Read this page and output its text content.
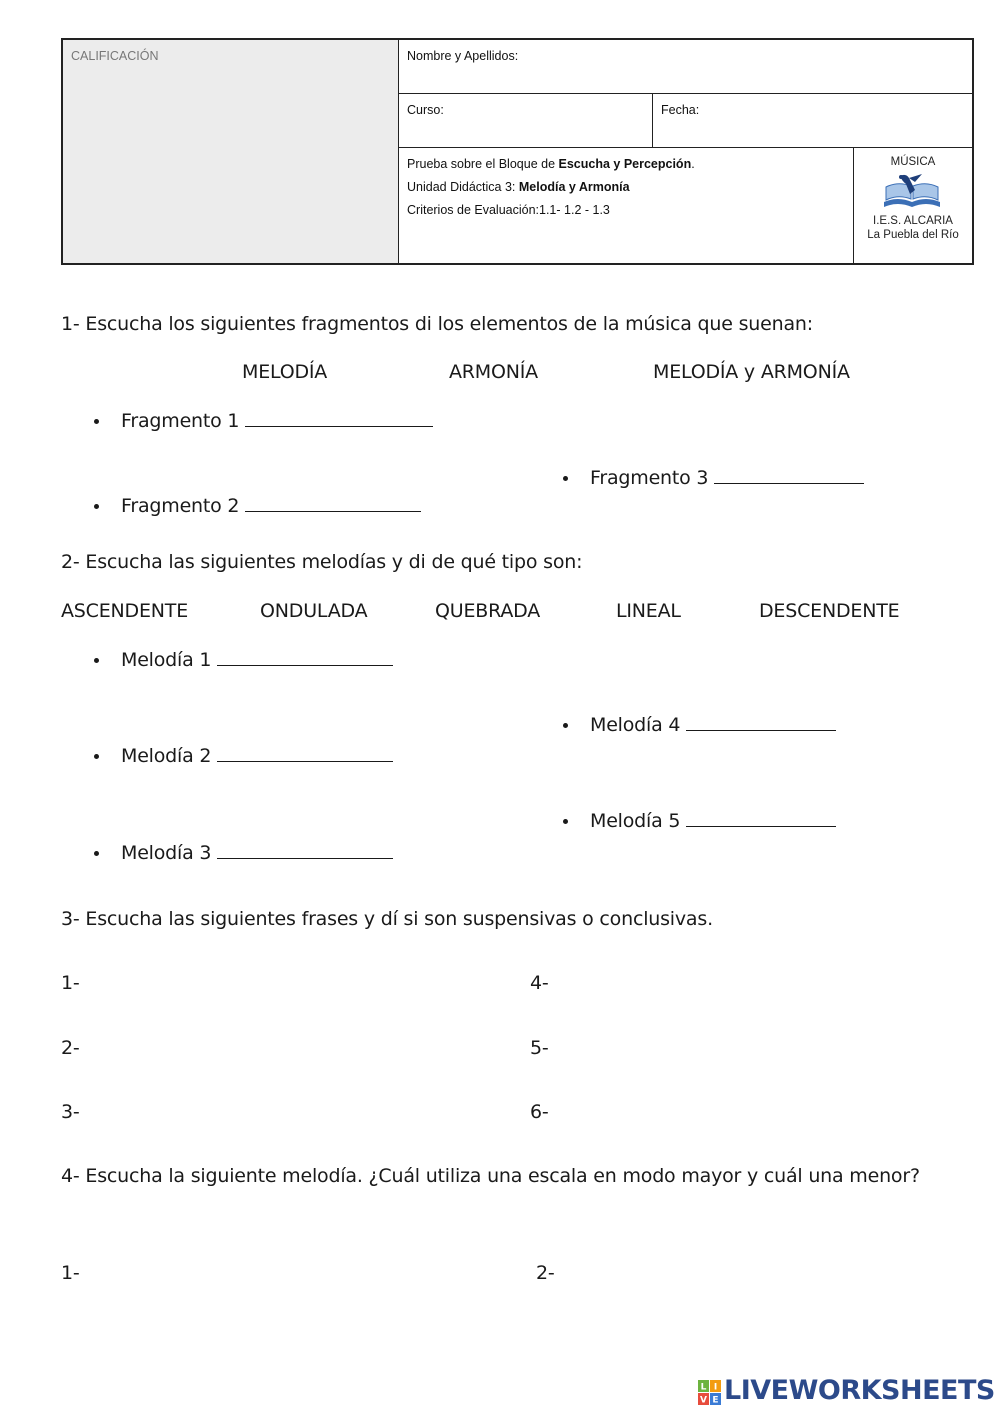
CALIFICACIÓN	Nombre y Apellidos:
Curso:	Fecha:
Prueba sobre el Bloque de Escucha y Percepción.
Unidad Didáctica 3: Melodía y Armonía
Criterios de Evaluación:1.1- 1.2 - 1.3
MÚSICA
I.E.S. ALCARIA
La Puebla del Río
1- Escucha los siguientes fragmentos di los elementos de la música que suenan:
MELODÍA	ARMONÍA	MELODÍA y ARMONÍA
Fragmento 1
Fragmento 3
Fragmento 2
2- Escucha las siguientes melodías y di de qué tipo son:
ASCENDENTE	ONDULADA	QUEBRADA	LINEAL	DESCENDENTE
Melodía 1
Melodía 4
Melodía 2
Melodía 5
Melodía 3
3- Escucha las siguientes frases y dí si son suspensivas o conclusivas.
1-	4-
2-	5-
3-	6-
4- Escucha la siguiente melodía. ¿Cuál utiliza una escala en modo mayor y cuál una menor?
1-	2-
L I
V E LIVEWORKSHEETS
